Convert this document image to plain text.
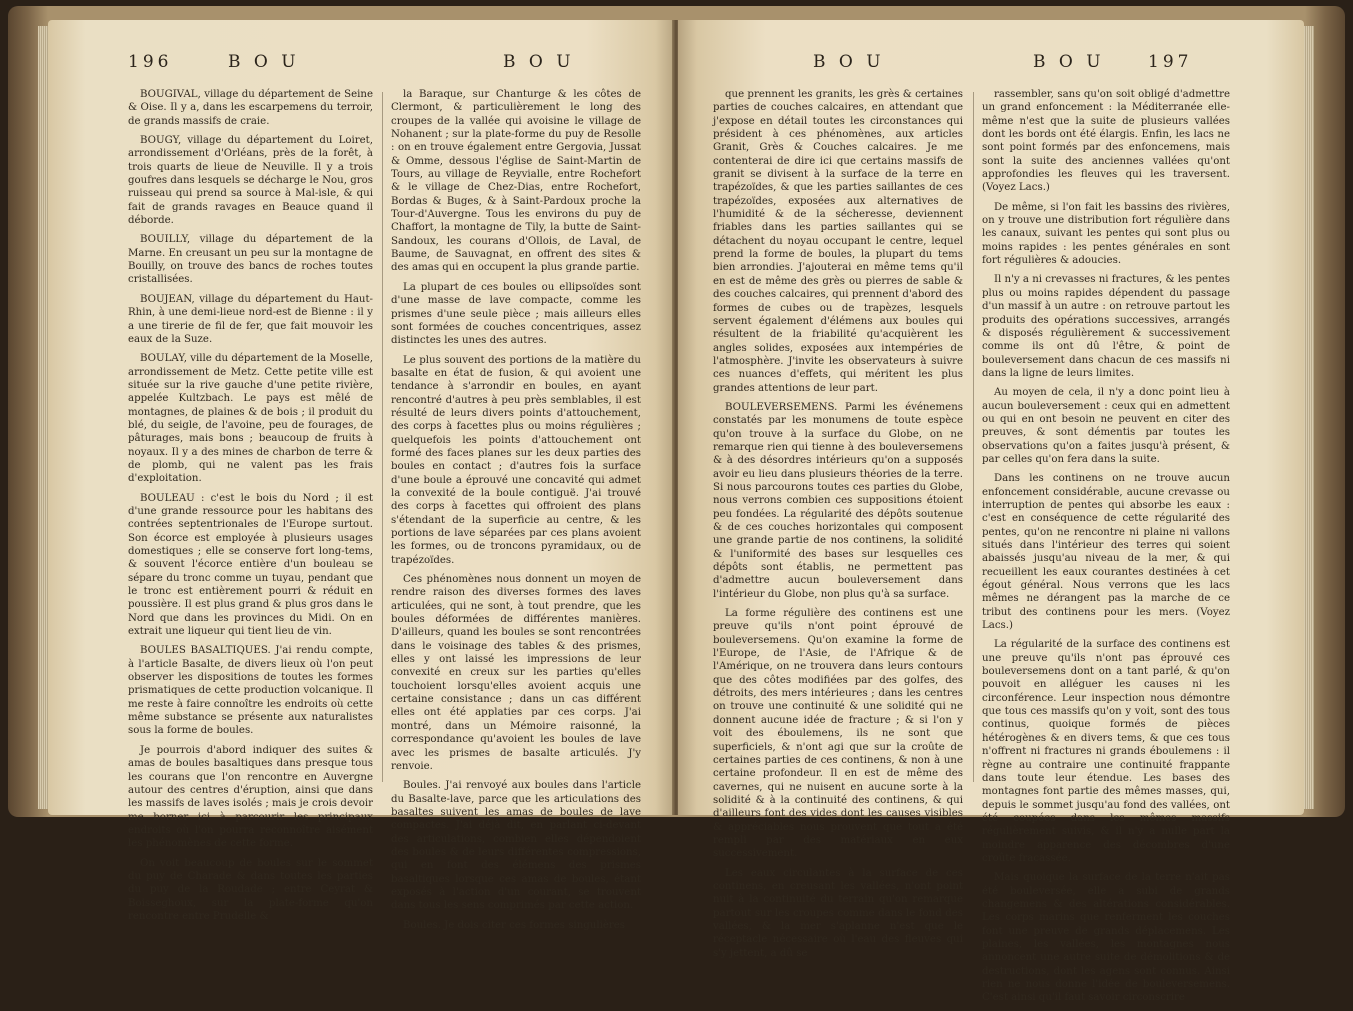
196	B O U	B O U

BOUGIVAL, village du département de Seine & Oise. Il y a, dans les escarpemens du terroir, de grands massifs de craie.

BOUGY, village du département du Loiret, arrondissement d'Orléans, près de la forêt, à trois quarts de lieue de Neuville. Il y a trois goufres dans lesquels se décharge le Nou, gros ruisseau qui prend sa source à Mal-isle, & qui fait de grands ravages en Beauce quand il déborde.

BOUILLY, village du département de la Marne. En creusant un peu sur la montagne de Bouilly, on trouve des bancs de roches toutes cristallisées.

BOUJEAN, village du département du Haut-Rhin, à une demi-lieue nord-est de Bienne : il y a une tirerie de fil de fer, que fait mouvoir les eaux de la Suze.

BOULAY, ville du département de la Moselle, arrondissement de Metz. Cette petite ville est située sur la rive gauche d'une petite rivière, appelée Kultzbach. Le pays est mêlé de montagnes, de plaines & de bois ; il produit du blé, du seigle, de l'avoine, peu de fourages, de pâturages, mais bons ; beaucoup de fruits à noyaux. Il y a des mines de charbon de terre & de plomb, qui ne valent pas les frais d'exploitation.

BOULEAU : c'est le bois du Nord ; il est d'une grande ressource pour les habitans des contrées septentrionales de l'Europe surtout. Son écorce est employée à plusieurs usages domestiques ; elle se conserve fort long-tems, & souvent l'écorce entière d'un bouleau se sépare du tronc comme un tuyau, pendant que le tronc est entièrement pourri & réduit en poussière. Il est plus grand & plus gros dans le Nord que dans les provinces du Midi. On en extrait une liqueur qui tient lieu de vin.

BOULES BASALTIQUES. J'ai rendu compte, à l'article Basalte, de divers lieux où l'on peut observer les dispositions de toutes les formes prismatiques de cette production volcanique. Il me reste à faire connoître les endroits où cette même substance se présente aux naturalistes sous la forme de boules.

Je pourrois d'abord indiquer des suites & amas de boules basaltiques dans presque tous les courans que l'on rencontre en Auvergne autour des centres d'éruption, ainsi que dans les massifs de laves isolés ; mais je crois devoir me borner ici à parcourir les principaux endroits où l'on pourra reconnoître aisément les phénomènes de cette forme.

On voit beaucoup de boules sur le sommet du puy de Charade & dans toutes les parties du puy de la Roudade ; entre Ceyrat & Boisseghoux, sur la plate-forme qu'on rencontre entre Prudelle &

la Baraque, sur Chanturge & les côtes de Clermont, & particulièrement le long des croupes de la vallée qui avoisine le village de Nohanent ; sur la plate-forme du puy de Resolle : on en trouve également entre Gergovia, Jussat & Omme, dessous l'église de Saint-Martin de Tours, au village de Reyvialle, entre Rochefort & le village de Chez-Dias, entre Rochefort, Bordas & Buges, & à Saint-Pardoux proche la Tour-d'Auvergne. Tous les environs du puy de Chaffort, la montagne de Tily, la butte de Saint-Sandoux, les courans d'Ollois, de Laval, de Baume, de Sauvagnat, en offrent des sites & des amas qui en occupent la plus grande partie.

La plupart de ces boules ou ellipsoïdes sont d'une masse de lave compacte, comme les prismes d'une seule pièce ; mais ailleurs elles sont formées de couches concentriques, assez distinctes les unes des autres.

Le plus souvent des portions de la matière du basalte en état de fusion, & qui avoient une tendance à s'arrondir en boules, en ayant rencontré d'autres à peu près semblables, il est résulté de leurs divers points d'attouchement, des corps à facettes plus ou moins régulières ; quelquefois les points d'attouchement ont formé des faces planes sur les deux parties des boules en contact ; d'autres fois la surface d'une boule a éprouvé une concavité qui admet la convexité de la boule contiguë. J'ai trouvé des corps à facettes qui offroient des plans s'étendant de la superficie au centre, & les portions de lave séparées par ces plans avoient les formes, ou de troncons pyramidaux, ou de trapézoïdes.

Ces phénomènes nous donnent un moyen de rendre raison des diverses formes des laves articulées, qui ne sont, à tout prendre, que les boules déformées de différentes manières. D'ailleurs, quand les boules se sont rencontrées dans le voisinage des tables & des prismes, elles y ont laissé les impressions de leur convexité en creux sur les parties qu'elles touchoient lorsqu'elles avoient acquis une certaine consistance ; dans un cas différent elles ont été applaties par ces corps. J'ai montré, dans un Mémoire raisonné, la correspondance qu'avoient les boules de lave avec les prismes de basalte articulés. J'y renvoie.

Boules. J'ai renvoyé aux boules dans l'article du Basalte-lave, parce que les articulations des basaltes suivent les amas de boules de lave compactes. J'ai déjà dit, en parlant ci-devant des articulations, combien elles dépendoient des boules & de leurs différentes compressions, qui en font des élémens des prismes basaltiques lorsque ces amas de boules, étant exposés à l'action d'un courant, se trouvent dans tous les sens comprimés par cette action.

Boules. Je dois citer ces formes singulières

B O U	B O U	197

que prennent les granits, les grès & certaines parties de couches calcaires, en attendant que j'expose en détail toutes les circonstances qui président à ces phénomènes, aux articles Granit, Grès & Couches calcaires. Je me contenterai de dire ici que certains massifs de granit se divisent à la surface de la terre en trapézoïdes, & que les parties saillantes de ces trapézoïdes, exposées aux alternatives de l'humidité & de la sécheresse, deviennent friables dans les parties saillantes qui se détachent du noyau occupant le centre, lequel prend la forme de boules, la plupart du tems bien arrondies. J'ajouterai en même tems qu'il en est de même des grès ou pierres de sable & des couches calcaires, qui prennent d'abord des formes de cubes ou de trapèzes, lesquels servent également d'élémens aux boules qui résultent de la friabilité qu'acquièrent les angles solides, exposées aux intempéries de l'atmosphère. J'invite les observateurs à suivre ces nuances d'effets, qui méritent les plus grandes attentions de leur part.

BOULEVERSEMENS. Parmi les événemens constatés par les monumens de toute espèce qu'on trouve à la surface du Globe, on ne remarque rien qui tienne à des bouleversemens & à des désordres intérieurs qu'on a supposés avoir eu lieu dans plusieurs théories de la terre. Si nous parcourons toutes ces parties du Globe, nous verrons combien ces suppositions étoient peu fondées. La régularité des dépôts soutenue & de ces couches horizontales qui composent une grande partie de nos continens, la solidité & l'uniformité des bases sur lesquelles ces dépôts sont établis, ne permettent pas d'admettre aucun bouleversement dans l'intérieur du Globe, non plus qu'à sa surface.

La forme régulière des continens est une preuve qu'ils n'ont point éprouvé de bouleversemens. Qu'on examine la forme de l'Europe, de l'Asie, de l'Afrique & de l'Amérique, on ne trouvera dans leurs contours que des côtes modifiées par des golfes, des détroits, des mers intérieures ; dans les centres on trouve une continuité & une solidité qui ne donnent aucune idée de fracture ; & si l'on y voit des éboulemens, ils ne sont que superficiels, & n'ont agi que sur la croûte de certaines parties de ces continens, & non à une certaine profondeur. Il en est de même des cavernes, qui ne nuisent en aucune sorte à la solidité & à la continuité des continens, & qui d'ailleurs font des vides dont les causes visibles & appréciables nous prouvent que tout a été rempli par des matériaux en eux successivement.

Les eaux circulantes à la surface de ces continens, en creusant les vallées, n'ont point nuit à la continuité du terrain qu'on remarque partout sur les croupes comme dans le fond des vallées, & la mer s'aplanne n'est que le réceptacle nécessaire où l'eau des fleuves qui s'y jettent, a dû se

rassembler, sans qu'on soit obligé d'admettre un grand enfoncement : la Méditerranée elle-même n'est que la suite de plusieurs vallées dont les bords ont été élargis. Enfin, les lacs ne sont point formés par des enfoncemens, mais sont la suite des anciennes vallées qu'ont approfondies les fleuves qui les traversent. (Voyez Lacs.)

De même, si l'on fait les bassins des rivières, on y trouve une distribution fort régulière dans les canaux, suivant les pentes qui sont plus ou moins rapides : les pentes générales en sont fort régulières & adoucies.

Il n'y a ni crevasses ni fractures, & les pentes plus ou moins rapides dépendent du passage d'un massif à un autre : on retrouve partout les produits des opérations successives, arrangés & disposés régulièrement & successivement comme ils ont dû l'être, & point de bouleversement dans chacun de ces massifs ni dans la ligne de leurs limites.

Au moyen de cela, il n'y a donc point lieu à aucun bouleversement : ceux qui en admettent ou qui en ont besoin ne peuvent en citer des preuves, & sont démentis par toutes les observations qu'on a faites jusqu'à présent, & par celles qu'on fera dans la suite.

Dans les continens on ne trouve aucun enfoncement considérable, aucune crevasse ou interruption de pentes qui absorbe les eaux : c'est en conséquence de cette régularité des pentes, qu'on ne rencontre ni plaine ni vallons situés dans l'intérieur des terres qui soient abaissés jusqu'au niveau de la mer, & qui recueillent les eaux courantes destinées à cet égout général. Nous verrons que les lacs mêmes ne dérangent pas la marche de ce tribut des continens pour les mers. (Voyez Lacs.)

La régularité de la surface des continens est une preuve qu'ils n'ont pas éprouvé ces bouleversemens dont on a tant parlé, & qu'on pouvoit en alléguer les causes ni les circonférence. Leur inspection nous démontre que tous ces massifs qu'on y voit, sont des tous continus, quoique formés de pièces hétérogènes & en divers tems, & que ces tous n'offrent ni fractures ni grands éboulemens : il règne au contraire une continuité frappante dans toute leur étendue. Les bases des montagnes font partie des mêmes masses, qui, depuis le sommet jusqu'au fond des vallées, ont été coupées dans les mêmes massifs régulièrement suivis, & il n'y a nulle part la moindre apparence des décombres d'une croûte fracassée.

Mais quoique la surface de la terre n'ait pas été bouleversée, elle a subi de grands changemens & des altérations considérables. Les corps marins que renferment les couches font une preuve de grands déplacemens. Les plaines, les vallées, les montagnes nous annoncent une autre suite de démolitions & de destructions, dont les agens sont connus. Ainsi rien ne nous donne l'idée de bouleversemens. C'est ainsi qu'il faut savoir circonscrire
